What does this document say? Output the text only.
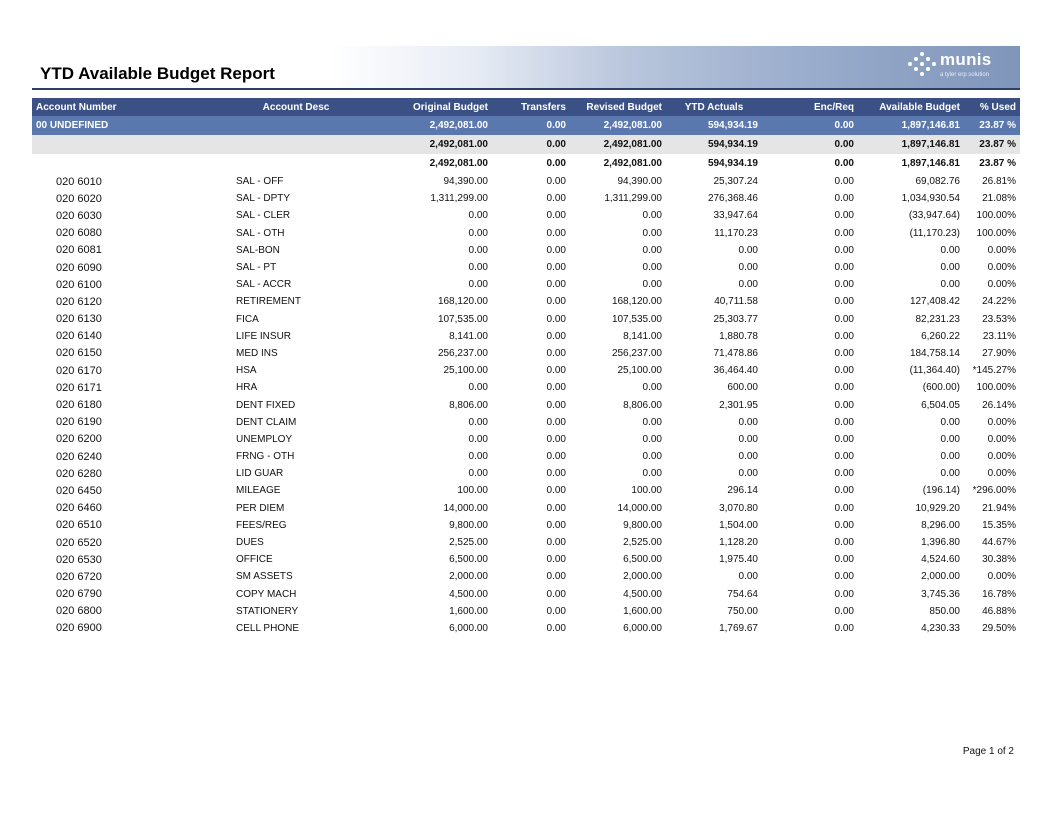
YTD Available Budget Report
munis
a tyler erp solution
Account Number	Account Desc	Original Budget	Transfers	Revised Budget	YTD Actuals	Enc/Req	Available Budget	% Used
00 UNDEFINED		2,492,081.00	0.00	2,492,081.00	594,934.19	0.00	1,897,146.81	23.87 %
		2,492,081.00	0.00	2,492,081.00	594,934.19	0.00	1,897,146.81	23.87 %
		2,492,081.00	0.00	2,492,081.00	594,934.19	0.00	1,897,146.81	23.87 %
020 6010	SAL - OFF	94,390.00	0.00	94,390.00	25,307.24	0.00	69,082.76	26.81%
020 6020	SAL - DPTY	1,311,299.00	0.00	1,311,299.00	276,368.46	0.00	1,034,930.54	21.08%
020 6030	SAL - CLER	0.00	0.00	0.00	33,947.64	0.00	(33,947.64)	100.00%
020 6080	SAL - OTH	0.00	0.00	0.00	11,170.23	0.00	(11,170.23)	100.00%
020 6081	SAL-BON	0.00	0.00	0.00	0.00	0.00	0.00	0.00%
020 6090	SAL - PT	0.00	0.00	0.00	0.00	0.00	0.00	0.00%
020 6100	SAL - ACCR	0.00	0.00	0.00	0.00	0.00	0.00	0.00%
020 6120	RETIREMENT	168,120.00	0.00	168,120.00	40,711.58	0.00	127,408.42	24.22%
020 6130	FICA	107,535.00	0.00	107,535.00	25,303.77	0.00	82,231.23	23.53%
020 6140	LIFE INSUR	8,141.00	0.00	8,141.00	1,880.78	0.00	6,260.22	23.11%
020 6150	MED INS	256,237.00	0.00	256,237.00	71,478.86	0.00	184,758.14	27.90%
020 6170	HSA	25,100.00	0.00	25,100.00	36,464.40	0.00	(11,364.40)	*145.27%
020 6171	HRA	0.00	0.00	0.00	600.00	0.00	(600.00)	100.00%
020 6180	DENT FIXED	8,806.00	0.00	8,806.00	2,301.95	0.00	6,504.05	26.14%
020 6190	DENT CLAIM	0.00	0.00	0.00	0.00	0.00	0.00	0.00%
020 6200	UNEMPLOY	0.00	0.00	0.00	0.00	0.00	0.00	0.00%
020 6240	FRNG - OTH	0.00	0.00	0.00	0.00	0.00	0.00	0.00%
020 6280	LID GUAR	0.00	0.00	0.00	0.00	0.00	0.00	0.00%
020 6450	MILEAGE	100.00	0.00	100.00	296.14	0.00	(196.14)	*296.00%
020 6460	PER DIEM	14,000.00	0.00	14,000.00	3,070.80	0.00	10,929.20	21.94%
020 6510	FEES/REG	9,800.00	0.00	9,800.00	1,504.00	0.00	8,296.00	15.35%
020 6520	DUES	2,525.00	0.00	2,525.00	1,128.20	0.00	1,396.80	44.67%
020 6530	OFFICE	6,500.00	0.00	6,500.00	1,975.40	0.00	4,524.60	30.38%
020 6720	SM ASSETS	2,000.00	0.00	2,000.00	0.00	0.00	2,000.00	0.00%
020 6790	COPY MACH	4,500.00	0.00	4,500.00	754.64	0.00	3,745.36	16.78%
020 6800	STATIONERY	1,600.00	0.00	1,600.00	750.00	0.00	850.00	46.88%
020 6900	CELL PHONE	6,000.00	0.00	6,000.00	1,769.67	0.00	4,230.33	29.50%
Page 1 of 2
